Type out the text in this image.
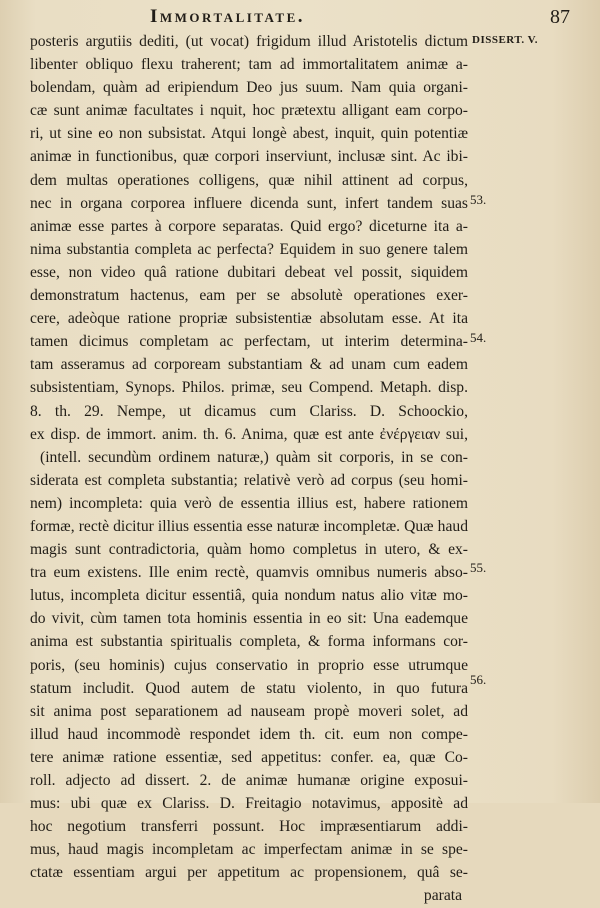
Immortalitate.	87
DISSERT. V.
posteris argutiis dediti, (ut vocat) frigidum illud Aristotelis dictum
libenter obliquo flexu traherent; tam ad immortalitatem animæ a-
bolendam, quàm ad eripiendum Deo jus suum. Nam quia organi-
cæ sunt animæ facultates i nquit, hoc prætextu alligant eam corpo-
ri, ut sine eo non subsistat. Atqui longè abest, inquit, quin potentiæ
animæ in functionibus, quæ corpori inserviunt, inclusæ sint. Ac ibi-
dem multas operationes colligens, quæ nihil attinent ad corpus,
nec in organa corporea influere dicenda sunt, infert tandem suas
animæ esse partes à corpore separatas. Quid ergo? diceturne ita a-
nima substantia completa ac perfecta? Equidem in suo genere talem
esse, non video quâ ratione dubitari debeat vel possit, siquidem
demonstratum hactenus, eam per se absolutè operationes exer-
cere, adeòque ratione propriæ subsistentiæ absolutam esse. At ita
tamen dicimus completam ac perfectam, ut interim determina-
tam asseramus ad corpoream substantiam & ad unam cum eadem
subsistentiam, Synops. Philos. primæ, seu Compend. Metaph. disp.
8. th. 29. Nempe, ut dicamus cum Clariss. D. Schoockio,
ex disp. de immort. anim. th. 6. Anima, quæ est ante ἐνέργειαν sui,
(intell. secundùm ordinem naturæ,) quàm sit corporis, in se con-
siderata est completa substantia; relativè verò ad corpus (seu homi-
nem) incompleta: quia verò de essentia illius est, habere rationem
formæ, rectè dicitur illius essentia esse naturæ incompletæ. Quæ haud
magis sunt contradictoria, quàm homo completus in utero, & ex-
tra eum existens. Ille enim rectè, quamvis omnibus numeris abso-
lutus, incompleta dicitur essentiâ, quia nondum natus alio vitæ mo-
do vivit, cùm tamen tota hominis essentia in eo sit: Una eademque
anima est substantia spiritualis completa, & forma informans cor-
poris, (seu hominis) cujus conservatio in proprio esse utrumque
statum includit. Quod autem de statu violento, in quo futura
sit anima post separationem ad nauseam propè moveri solet, ad
illud haud incommodè respondet idem th. cit. eum non compe-
tere animæ ratione essentiæ, sed appetitus: confer. ea, quæ Co-
roll. adjecto ad dissert. 2. de animæ humanæ origine exposui-
mus: ubi quæ ex Clariss. D. Freitagio notavimus, appositè ad
hoc negotium transferri possunt. Hoc impræsentiarum addi-
mus, haud magis incompletam ac imperfectam animæ in se spe-
ctatæ essentiam argui per appetitum ac propensionem, quâ se-
parata
53.
54.
55.
56.
